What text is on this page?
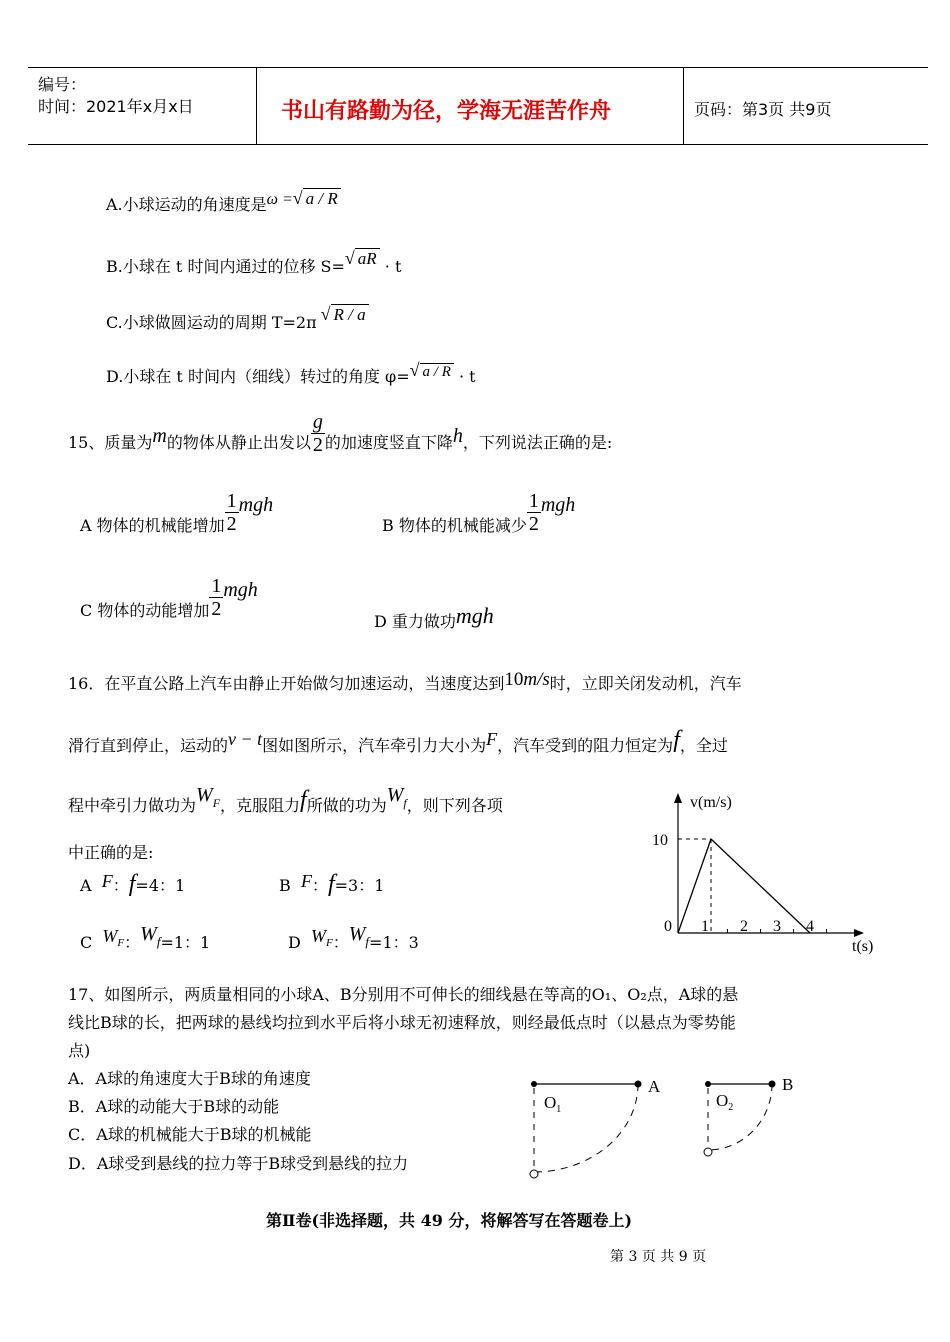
编号：
时间：2021年x月x日	书山有路勤为径，学海无涯苦作舟	页码：第3页 共9页
A.小球运动的角速度是ω =√ a / R
B.小球在 t 时间内通过的位移 S=√ aR · t
C.小球做圆运动的周期 T=2π √ R / a
D.小球在 t 时间内（细线）转过的角度 φ=√ a / R · t
15、质量为m的物体从静止出发以 $\frac{g}{2}$ 的加速度竖直下降h，下列说法正确的是:
A 物体的机械能增加 $\frac{1}{2}$ mgh
B 物体的机械能减少 $\frac{1}{2}$ mgh
C 物体的动能增加 $\frac{1}{2}$ mgh
D 重力做功mgh
16．在平直公路上汽车由静止开始做匀加速运动，当速度达到10m/s时，立即关闭发动机，汽车
滑行直到停止，运动的v − t图如图所示，汽车牵引力大小为F，汽车受到的阻力恒定为f，全过
程中牵引力做功为$W^F$，克服阻力f所做的功为$W^f$，则下列各项
中正确的是:
A F：f=4：1	B F：f=3：1
C WF：Wf=1：1	D WF：Wf=1：3
v(m/s)
t(s)
10
0 1 2 3 4
17、如图所示，两质量相同的小球A、B分别用不可伸长的细线悬在等高的O₁、O₂点，A球的悬
线比B球的长，把两球的悬线均拉到水平后将小球无初速释放，则经最低点时（以悬点为零势能
点)
A．A球的角速度大于B球的角速度
B．A球的动能大于B球的动能
C．A球的机械能大于B球的机械能
D．A球受到悬线的拉力等于B球受到悬线的拉力
A
$O_1$
B
$O_2$
第Ⅱ卷(非选择题，共 49 分，将解答写在答题卷上)
第 3 页 共 9 页
